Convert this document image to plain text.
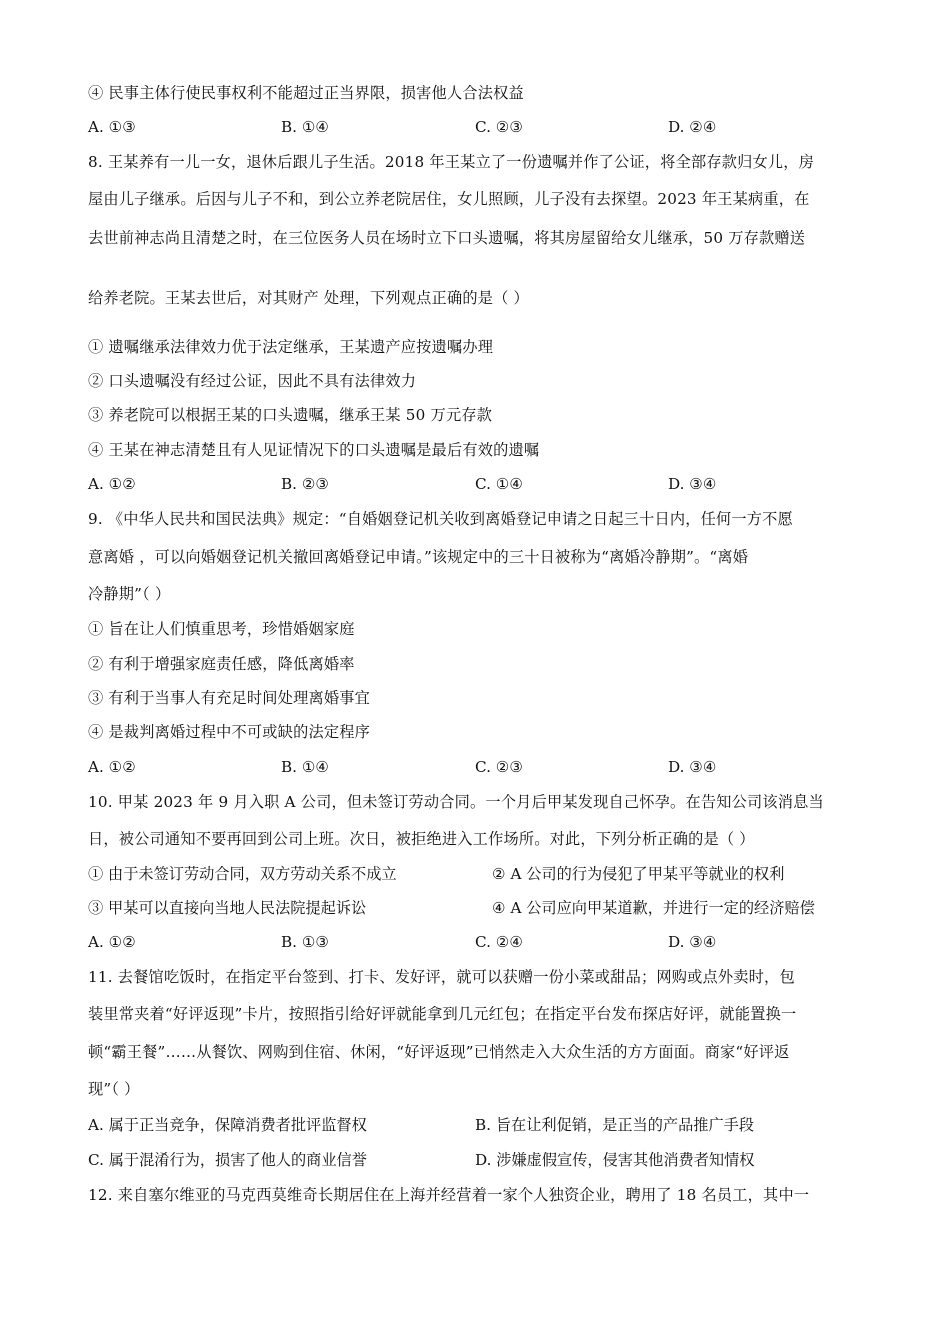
④ 民事主体行使民事权利不能超过正当界限，损害他人合法权益
A. ①③	B. ①④	C. ②③	D. ②④
8. 王某养有一儿一女，退休后跟儿子生活。2018 年王某立了一份遗嘱并作了公证，将全部存款归女儿，房
屋由儿子继承。后因与儿子不和，到公立养老院居住，女儿照顾，儿子没有去探望。2023 年王某病重，在
去世前神志尚且清楚之时，在三位医务人员在场时立下口头遗嘱，将其房屋留给女儿继承，50 万存款赠送
给养老院。王某去世后，对其财产 处理，下列观点正确的是（ ）
① 遗嘱继承法律效力优于法定继承，王某遗产应按遗嘱办理
② 口头遗嘱没有经过公证，因此不具有法律效力
③ 养老院可以根据王某的口头遗嘱，继承王某 50 万元存款
④ 王某在神志清楚且有人见证情况下的口头遗嘱是最后有效的遗嘱
A. ①②	B. ②③	C. ①④	D. ③④
9. 《中华人民共和国民法典》规定：“自婚姻登记机关收到离婚登记申请之日起三十日内，任何一方不愿
意离婚 ，可以向婚姻登记机关撤回离婚登记申请。”该规定中的三十日被称为“离婚冷静期”。“离婚
冷静期”（ ）
① 旨在让人们慎重思考，珍惜婚姻家庭
② 有利于增强家庭责任感，降低离婚率
③ 有利于当事人有充足时间处理离婚事宜
④ 是裁判离婚过程中不可或缺的法定程序
A. ①②	B. ①④	C. ②③	D. ③④
10. 甲某 2023 年 9 月入职 A 公司，但未签订劳动合同。一个月后甲某发现自己怀孕。在告知公司该消息当
日，被公司通知不要再回到公司上班。次日，被拒绝进入工作场所。对此，下列分析正确的是（ ）
① 由于未签订劳动合同，双方劳动关系不成立	② A 公司的行为侵犯了甲某平等就业的权利
③ 甲某可以直接向当地人民法院提起诉讼	④ A 公司应向甲某道歉，并进行一定的经济赔偿
A. ①②	B. ①③	C. ②④	D. ③④
11. 去餐馆吃饭时，在指定平台签到、打卡、发好评，就可以获赠一份小菜或甜品；网购或点外卖时，包
装里常夹着“好评返现”卡片，按照指引给好评就能拿到几元红包；在指定平台发布探店好评，就能置换一
顿“霸王餐”……从餐饮、网购到住宿、休闲，“好评返现”已悄然走入大众生活的方方面面。商家“好评返
现”（ ）
A. 属于正当竞争，保障消费者批评监督权	B. 旨在让利促销，是正当的产品推广手段
C. 属于混淆行为，损害了他人的商业信誉	D. 涉嫌虚假宣传，侵害其他消费者知情权
12. 来自塞尔维亚的马克西莫维奇长期居住在上海并经营着一家个人独资企业，聘用了 18 名员工，其中一
